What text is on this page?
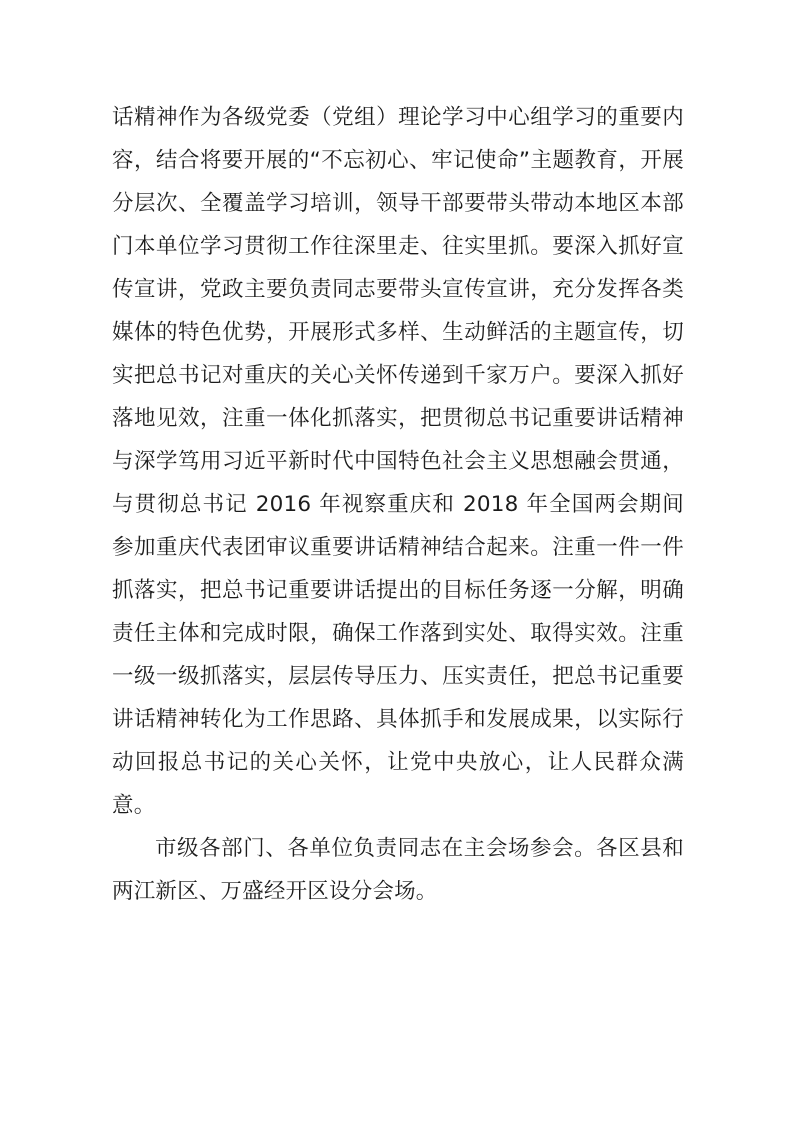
话精神作为各级党委（党组）理论学习中心组学习的重要内容，结合将要开展的“不忘初心、牢记使命”主题教育，开展分层次、全覆盖学习培训，领导干部要带头带动本地区本部门本单位学习贯彻工作往深里走、往实里抓。要深入抓好宣传宣讲，党政主要负责同志要带头宣传宣讲，充分发挥各类媒体的特色优势，开展形式多样、生动鲜活的主题宣传，切实把总书记对重庆的关心关怀传递到千家万户。要深入抓好落地见效，注重一体化抓落实，把贯彻总书记重要讲话精神与深学笃用习近平新时代中国特色社会主义思想融会贯通，与贯彻总书记 2016 年视察重庆和 2018 年全国两会期间参加重庆代表团审议重要讲话精神结合起来。注重一件一件抓落实，把总书记重要讲话提出的目标任务逐一分解，明确责任主体和完成时限，确保工作落到实处、取得实效。注重一级一级抓落实，层层传导压力、压实责任，把总书记重要讲话精神转化为工作思路、具体抓手和发展成果，以实际行动回报总书记的关心关怀，让党中央放心，让人民群众满意。

市级各部门、各单位负责同志在主会场参会。各区县和两江新区、万盛经开区设分会场。
